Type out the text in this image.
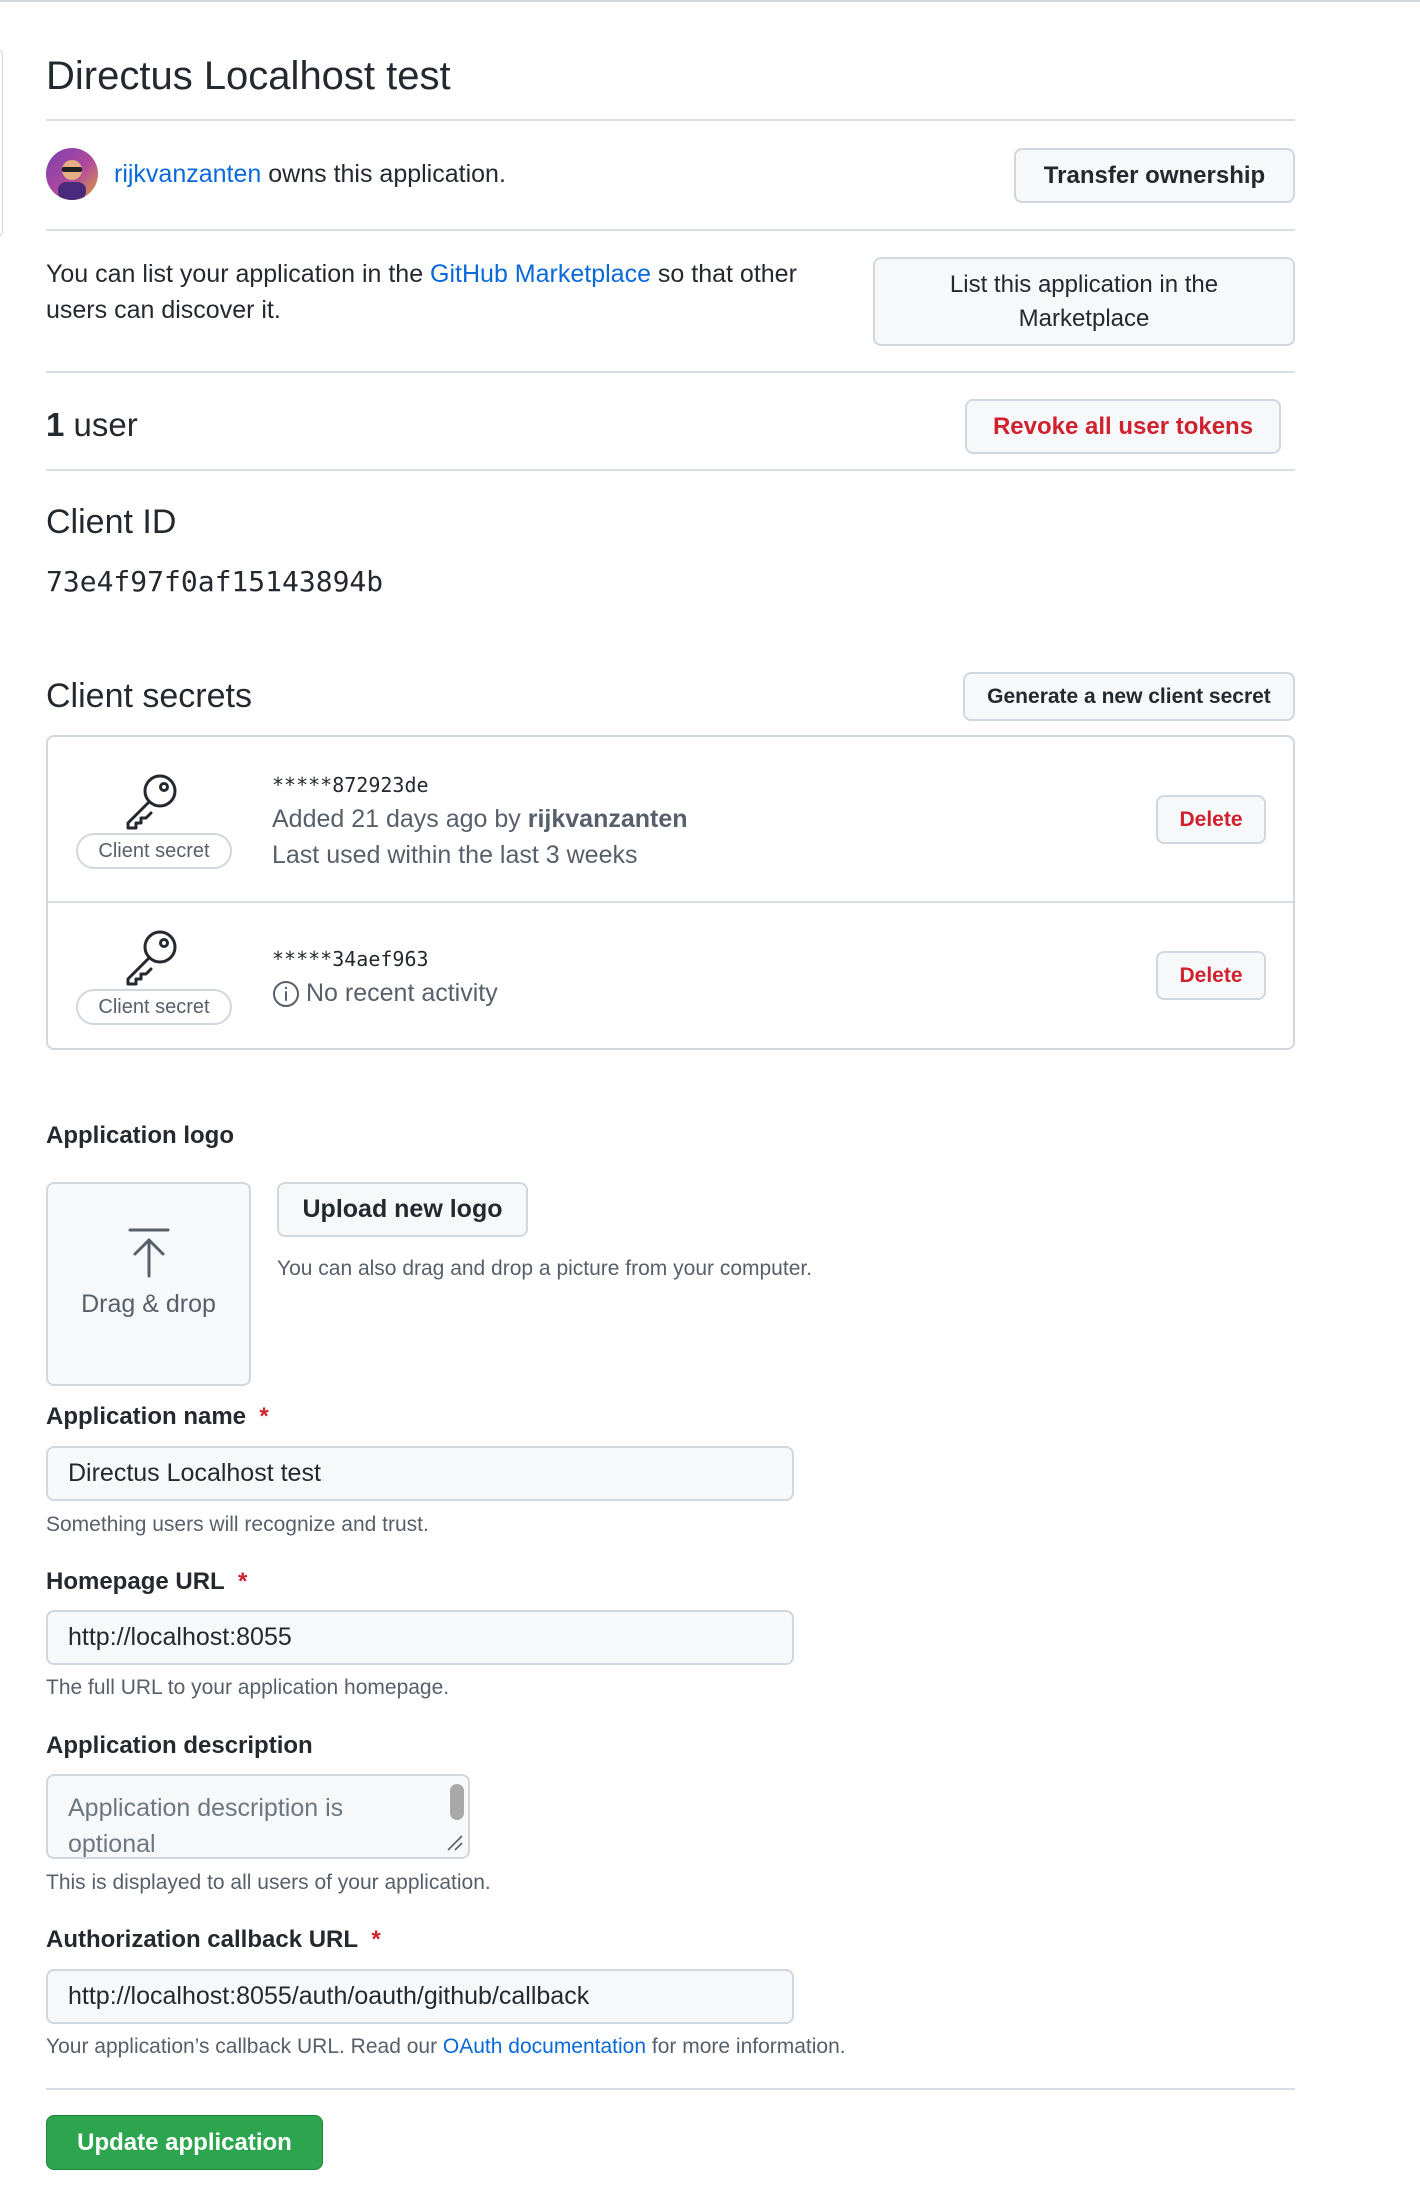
Directus Localhost test
rijkvanzanten owns this application.	Transfer ownership
You can list your application in the GitHub Marketplace so that other users can discover it.
List this application in the Marketplace
1 user	Revoke all user tokens
Client ID
73e4f97f0af15143894b
Client secrets	Generate a new client secret
Client secret
*****872923de
Added 21 days ago by rijkvanzanten
Last used within the last 3 weeks
Delete
Client secret
*****34aef963
No recent activity
Delete
Application logo
Drag & drop
Upload new logo
You can also drag and drop a picture from your computer.
Application name *
Directus Localhost test
Something users will recognize and trust.
Homepage URL *
http://localhost:8055
The full URL to your application homepage.
Application description
Application description is optional
This is displayed to all users of your application.
Authorization callback URL *
http://localhost:8055/auth/oauth/github/callback
Your application’s callback URL. Read our OAuth documentation for more information.
Update application
